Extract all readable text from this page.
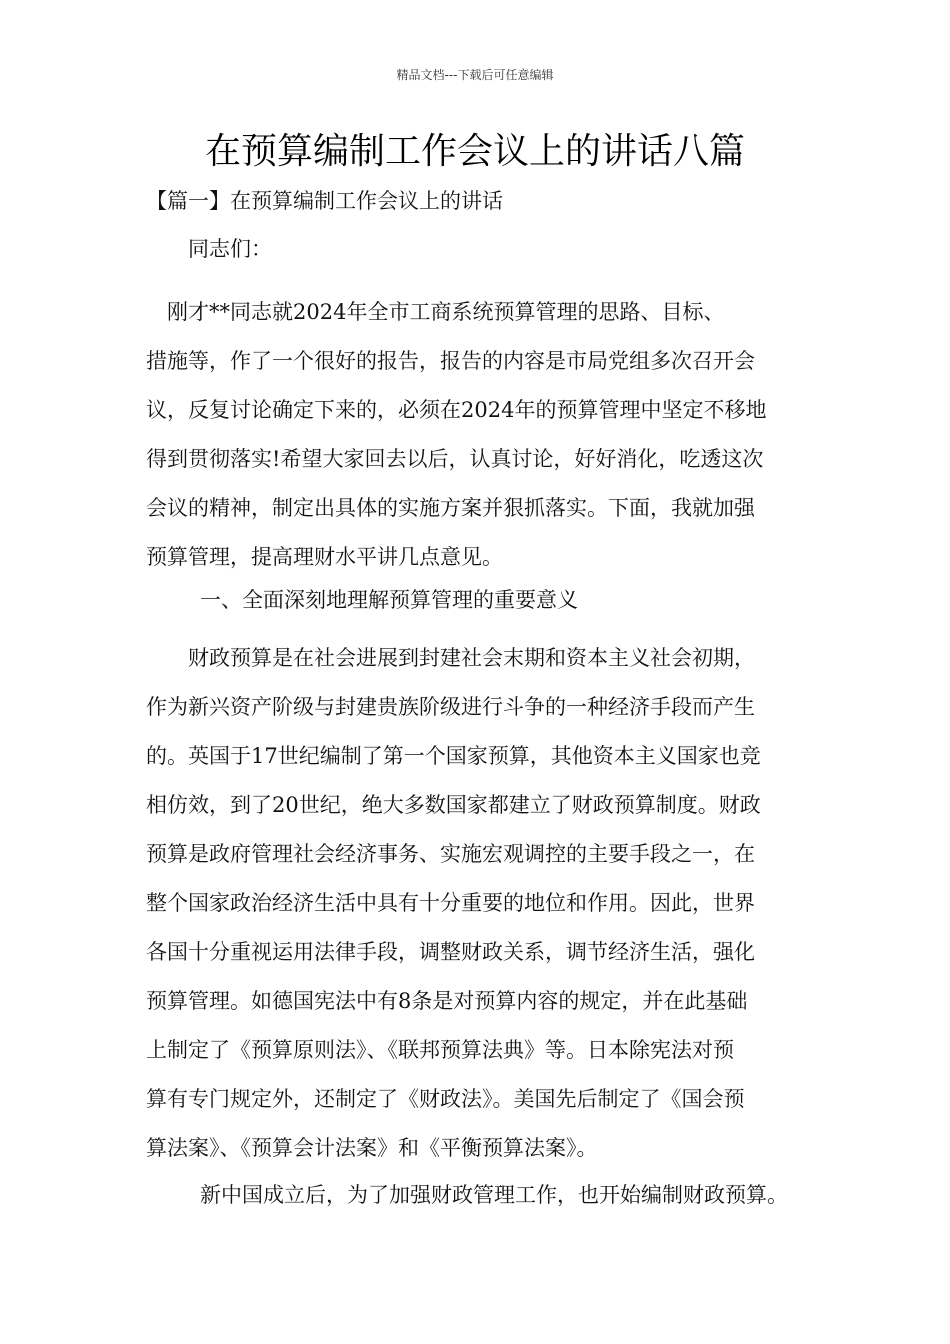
精品文档---下载后可任意编辑
在预算编制工作会议上的讲话八篇
【篇一】在预算编制工作会议上的讲话
同志们：
　刚才**同志就2024年全市工商系统预算管理的思路、目标、
措施等，作了一个很好的报告，报告的内容是市局党组多次召开会
议，反复讨论确定下来的，必须在2024年的预算管理中坚定不移地
得到贯彻落实!希望大家回去以后，认真讨论，好好消化，吃透这次
会议的精神，制定出具体的实施方案并狠抓落实。下面，我就加强
预算管理，提高理财水平讲几点意见。
一、全面深刻地理解预算管理的重要意义
　　财政预算是在社会进展到封建社会末期和资本主义社会初期，
作为新兴资产阶级与封建贵族阶级进行斗争的一种经济手段而产生
的。英国于17世纪编制了第一个国家预算，其他资本主义国家也竞
相仿效，到了20世纪，绝大多数国家都建立了财政预算制度。财政
预算是政府管理社会经济事务、实施宏观调控的主要手段之一，在
整个国家政治经济生活中具有十分重要的地位和作用。因此，世界
各国十分重视运用法律手段，调整财政关系，调节经济生活，强化
预算管理。如德国宪法中有8条是对预算内容的规定，并在此基础
上制定了《预算原则法》、《联邦预算法典》等。日本除宪法对预
算有专门规定外，还制定了《财政法》。美国先后制定了《国会预
算法案》、《预算会计法案》和《平衡预算法案》。
新中国成立后，为了加强财政管理工作，也开始编制财政预算。
